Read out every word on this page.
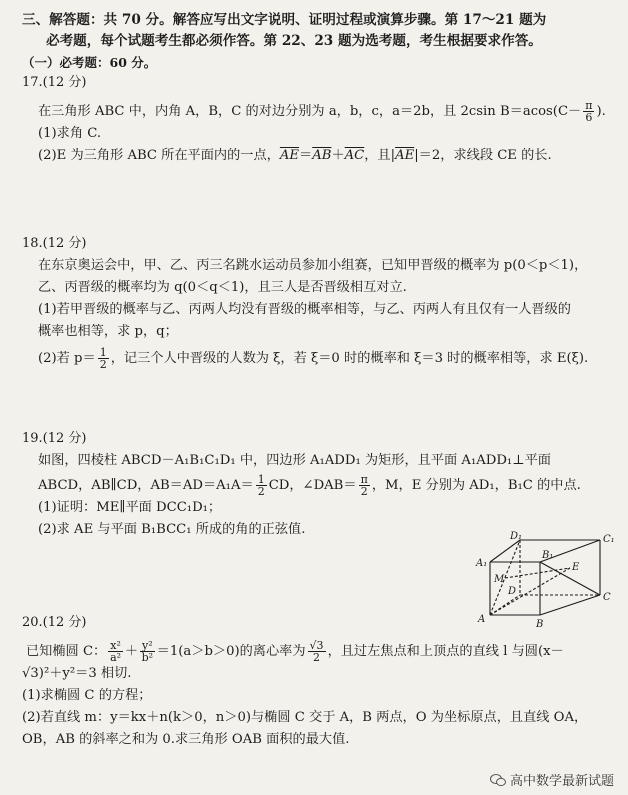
三、解答题：共 70 分。解答应写出文字说明、证明过程或演算步骤。第 17～21 题为
必考题，每个试题考生都必须作答。第 22、23 题为选考题，考生根据要求作答。
（一）必考题：60 分。
17.(12 分)
在三角形 ABC 中，内角 A，B，C 的对边分别为 a，b，c，a＝2b，且 2csin $B=acos(C- \frac{\pi}{6}$ ).
(1)求角 C.
(2)E 为三角形 ABC 所在平面内的一点，$\overline{AE}=\overline{AB}+\overline{AC}$，且$|\overline{AE}|=2$，求线段 CE 的长.
18.(12 分)
在东京奥运会中，甲、乙、丙三名跳水运动员参加小组赛，已知甲晋级的概率为 p(0＜p＜1)，
乙、丙晋级的概率均为 q(0＜q＜1)，且三人是否晋级相互对立.
(1)若甲晋级的概率与乙、丙两人均没有晋级的概率相等，与乙、丙两人有且仅有一人晋级的
概率也相等，求 p，q；
(2)若 $p= \frac{1}{2}$ ，记三个人中晋级的人数为 ξ，若 ξ＝0 时的概率和 ξ＝3 时的概率相等，求 E(ξ).
19.(12 分)
如图，四棱柱 ABCD－A₁B₁C₁D₁ 中，四边形 A₁ADD₁ 为矩形，且平面 A₁ADD₁⊥平面
ABCD，AB∥CD，$AB=AD=A_1A= \frac{1}{2}$ CD，∠DAB＝ $\frac{\pi}{2}$ ，M，E 分别为 AD₁，B₁C 的中点.
(1)证明：ME∥平面 DCC₁D₁；
(2)求 AE 与平面 B₁BCC₁ 所成的角的正弦值.	D₁
B₁
C₁
A₁
M
E
D
C
A	B
20.(12 分)
已知椭圆 C： $\frac{\text{x²}}{\text{a²}} + \frac{\text{y²}}{\text{b²}} =1(a>b>0)$的离心率为 $\frac{√3}{2}$ ，且过左焦点和上顶点的直线 l 与圆(x－
√3)²＋y²＝3 相切.
(1)求椭圆 C 的方程；
(2)若直线 m：y＝kx＋n(k＞0，n＞0)与椭圆 C 交于 A，B 两点，O 为坐标原点，且直线 OA，
OB，AB 的斜率之和为 0.求三角形 OAB 面积的最大值.
高中数学最新试题
